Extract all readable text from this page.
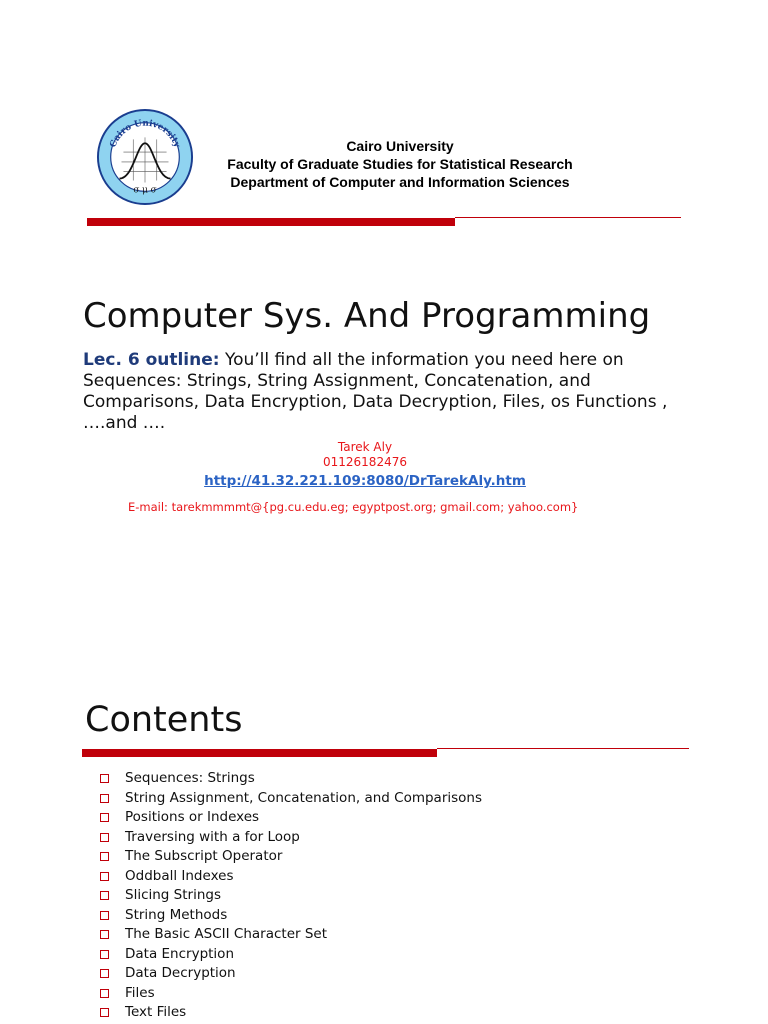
Cairo University
σ μ σ
Cairo University
Faculty of Graduate Studies for Statistical Research
Department of Computer and Information Sciences
Computer Sys. And Programming
Lec. 6 outline: You’ll find all the information you need here on Sequences: Strings, String Assignment, Concatenation, and Comparisons, Data Encryption, Data Decryption, Files, os Functions , ….and ….
Tarek Aly
01126182476
http://41.32.221.109:8080/DrTarekAly.htm
E-mail: tarekmmmmt@{pg.cu.edu.eg; egyptpost.org; gmail.com; yahoo.com}
Contents
Sequences: Strings
String Assignment, Concatenation, and Comparisons
Positions or Indexes
Traversing with a for Loop
The Subscript Operator
Oddball Indexes
Slicing Strings
String Methods
The Basic ASCII Character Set
Data Encryption
Data Decryption
Files
Text Files
